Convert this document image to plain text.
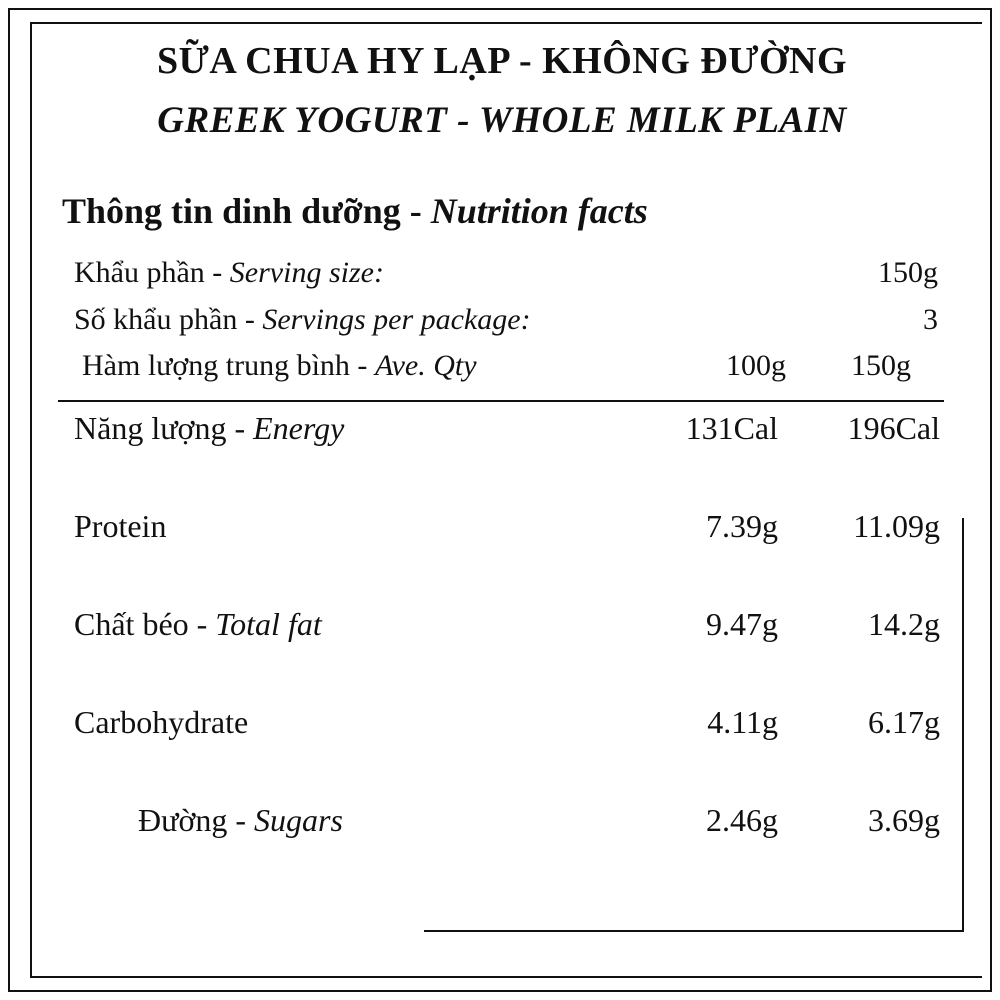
SỮA CHUA HY LẠP - KHÔNG ĐƯỜNG
GREEK YOGURT - WHOLE MILK PLAIN
Thông tin dinh dưỡng - Nutrition facts
Khẩu phần - Serving size:	150g
Số khẩu phần - Servings per package:	3
Hàm lượng trung bình - Ave. Qty	100g	150g
Năng lượng - Energy	131Cal	196Cal
Protein	7.39g	11.09g
Chất béo - Total fat	9.47g	14.2g
Carbohydrate	4.11g	6.17g
Đường - Sugars	2.46g	3.69g
